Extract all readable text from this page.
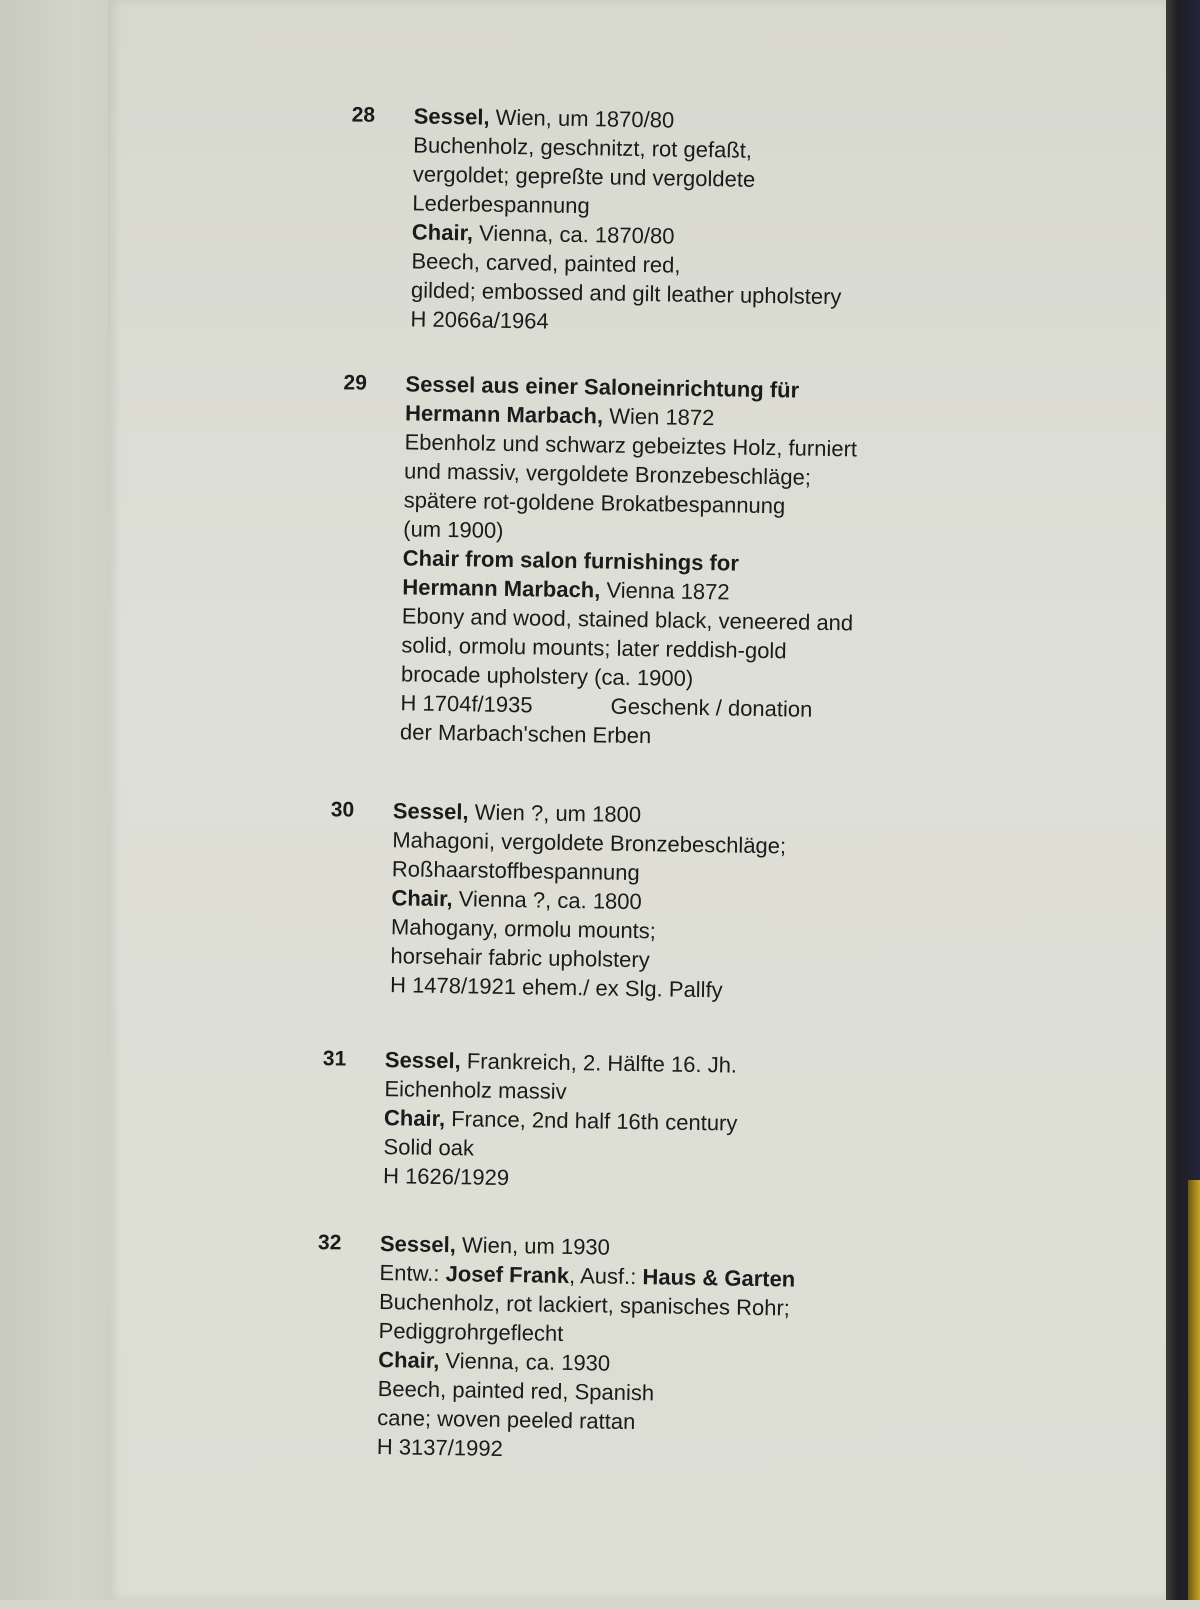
28 Sessel, Wien, um 1870/80
Buchenholz, geschnitzt, rot gefaßt,
vergoldet; gepreßte und vergoldete
Lederbespannung
Chair, Vienna, ca. 1870/80
Beech, carved, painted red,
gilded; embossed and gilt leather upholstery
H 2066a/1964
29 Sessel aus einer Saloneinrichtung für
Hermann Marbach, Wien 1872
Ebenholz und schwarz gebeiztes Holz, furniert
und massiv, vergoldete Bronzebeschläge;
spätere rot-goldene Brokatbespannung
(um 1900)
Chair from salon furnishings for
Hermann Marbach, Vienna 1872
Ebony and wood, stained black, veneered and
solid, ormolu mounts; later reddish-gold
brocade upholstery (ca. 1900)
H 1704f/1935	Geschenk / donation
der Marbach'schen Erben
30 Sessel, Wien ?, um 1800
Mahagoni, vergoldete Bronzebeschläge;
Roßhaarstoffbespannung
Chair, Vienna ?, ca. 1800
Mahogany, ormolu mounts;
horsehair fabric upholstery
H 1478/1921 ehem./ ex Slg. Pallfy
31 Sessel, Frankreich, 2. Hälfte 16. Jh.
Eichenholz massiv
Chair, France, 2nd half 16th century
Solid oak
H 1626/1929
32 Sessel, Wien, um 1930
Entw.: Josef Frank, Ausf.: Haus & Garten
Buchenholz, rot lackiert, spanisches Rohr;
Pediggrohrgeflecht
Chair, Vienna, ca. 1930
Beech, painted red, Spanish
cane; woven peeled rattan
H 3137/1992
